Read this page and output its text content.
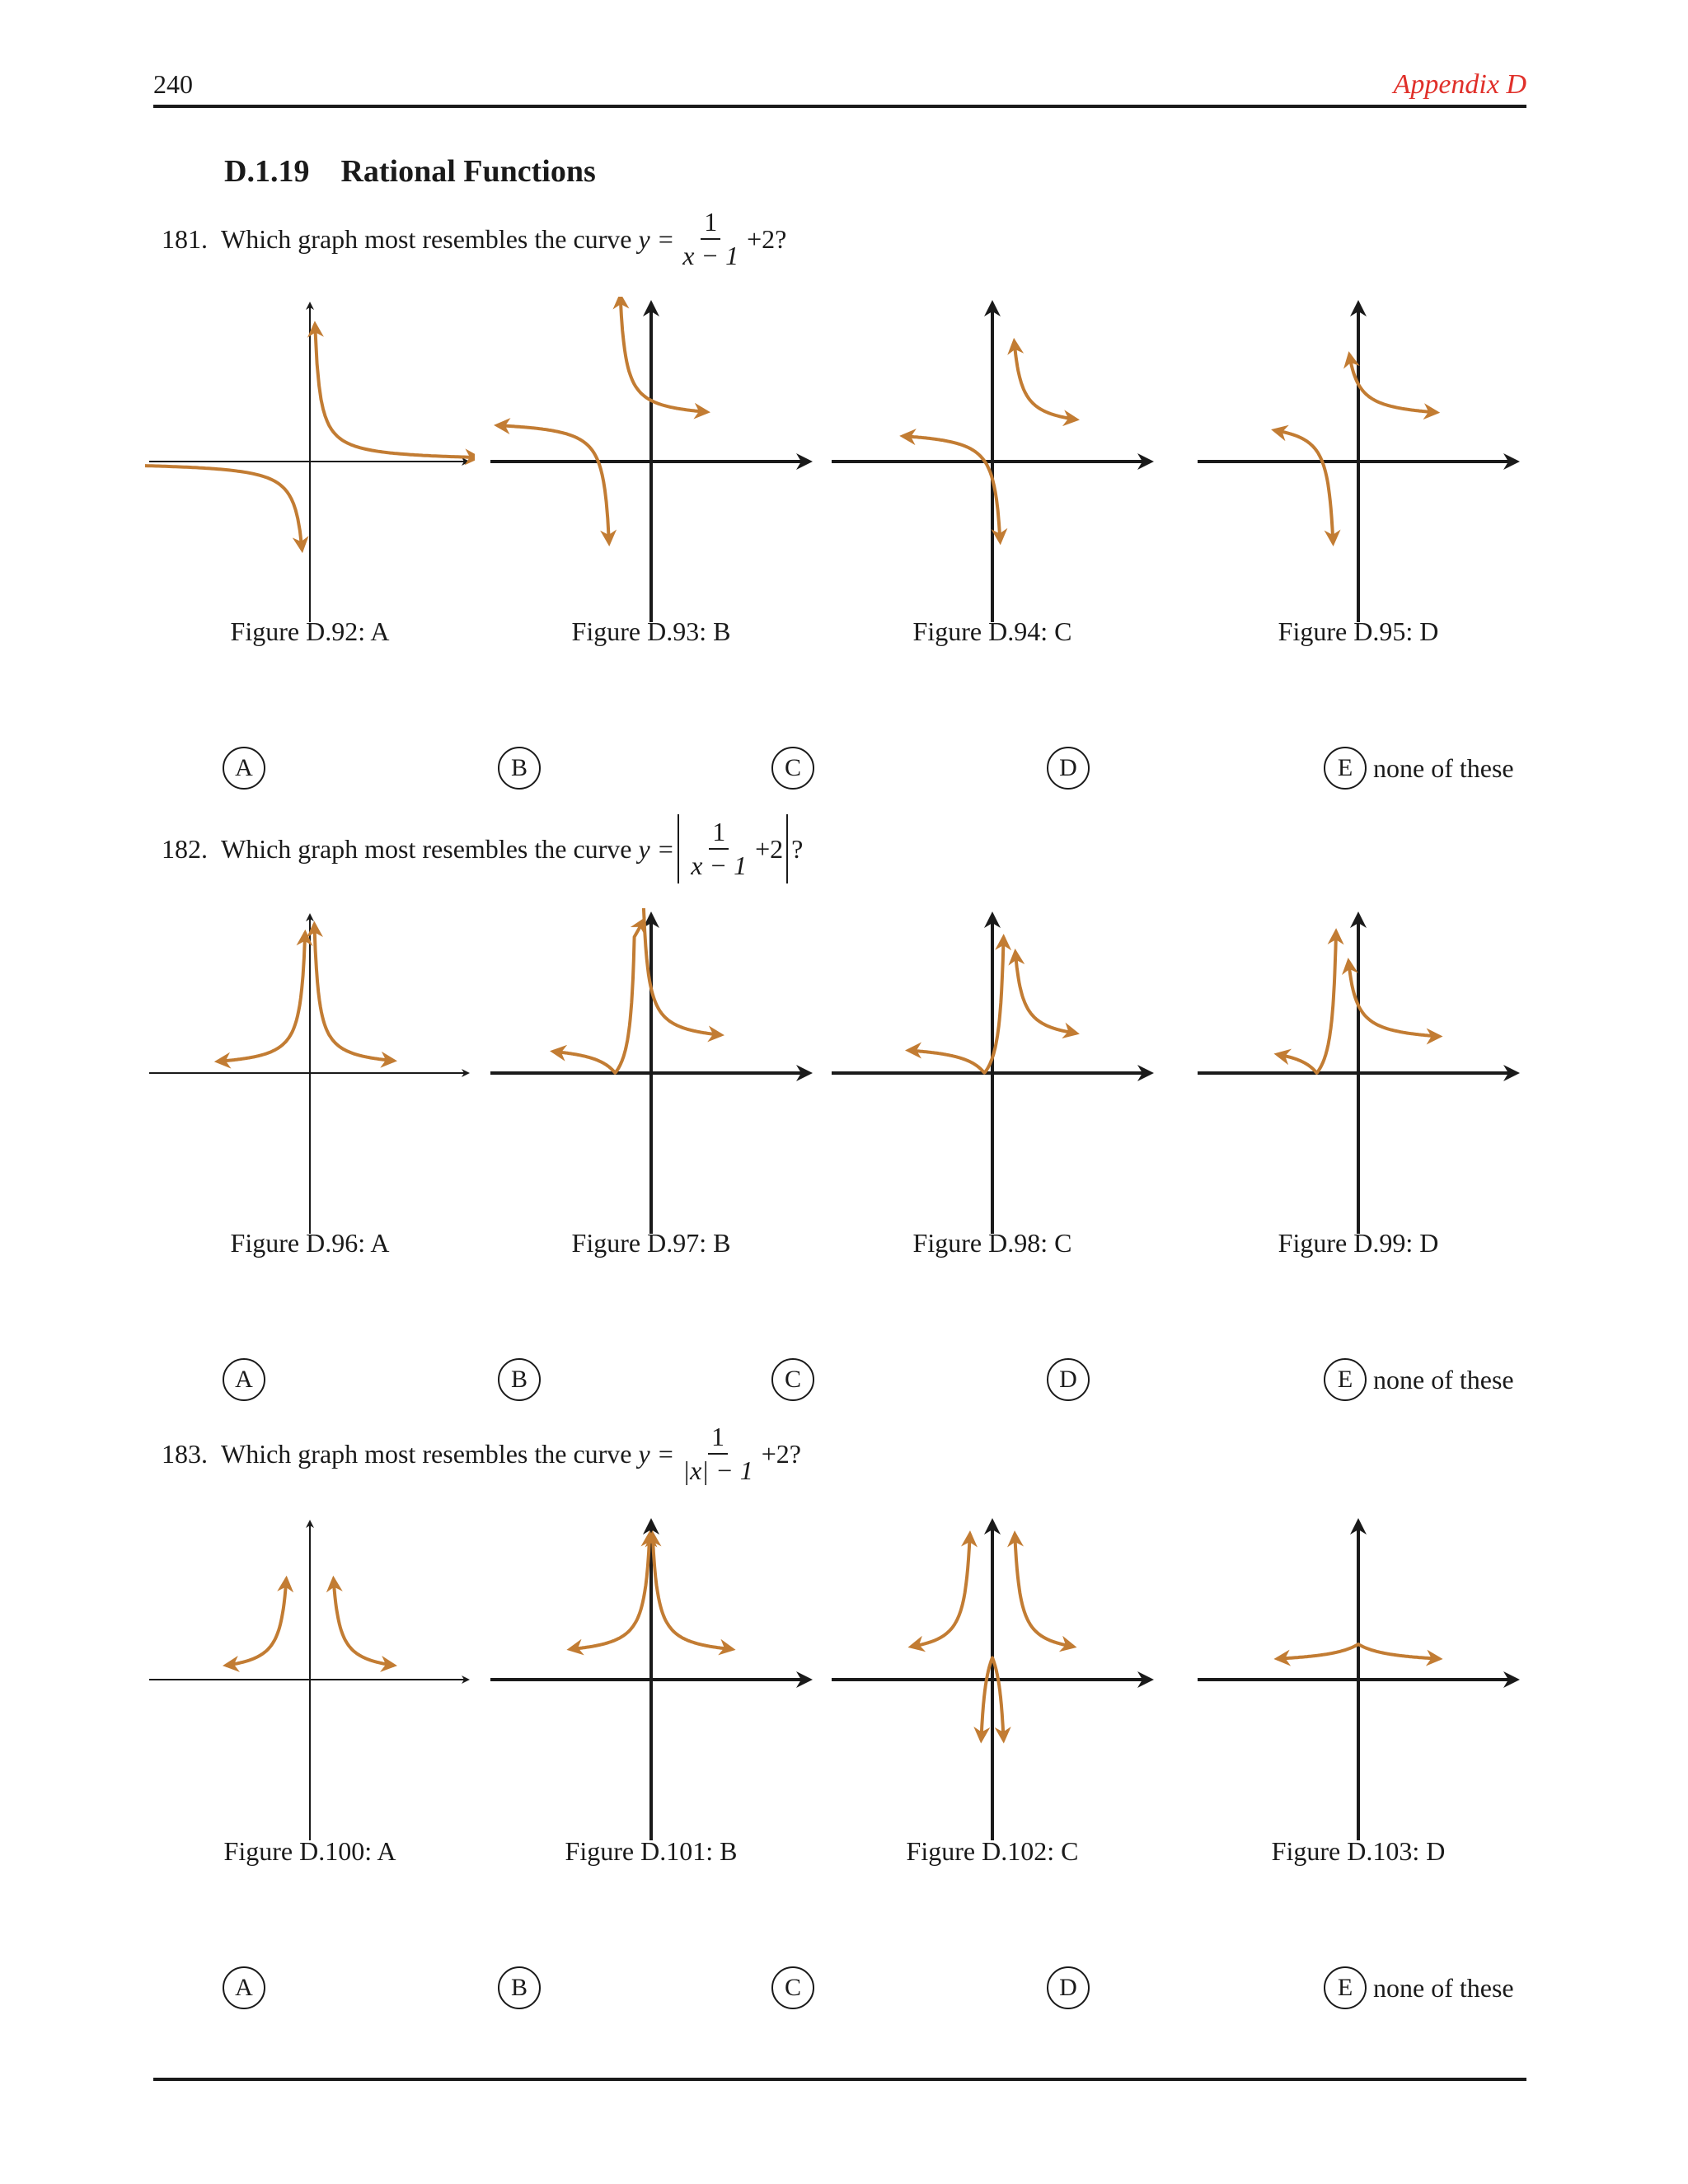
240	Appendix D
D.1.19 Rational Functions
181.
Which graph most resembles the curve
$y = \frac{1}{x - 1} +2$?
182.
Which graph most resembles the curve
$y = \frac{1}{x - 1} +2$ ?
183.
Which graph most resembles the curve
$y = \frac{1}{|x| - 1} +2$?
Figure D.92: A	Figure D.93: B	Figure D.94: C	Figure D.95: D
Figure D.96: A	Figure D.97: B	Figure D.98: C	Figure D.99: D
Figure D.100: A	Figure D.101: B	Figure D.102: C	Figure D.103: D
A	B	C	D	E none of these
A	B	C	D	E none of these
A	B	C	D	E none of these
